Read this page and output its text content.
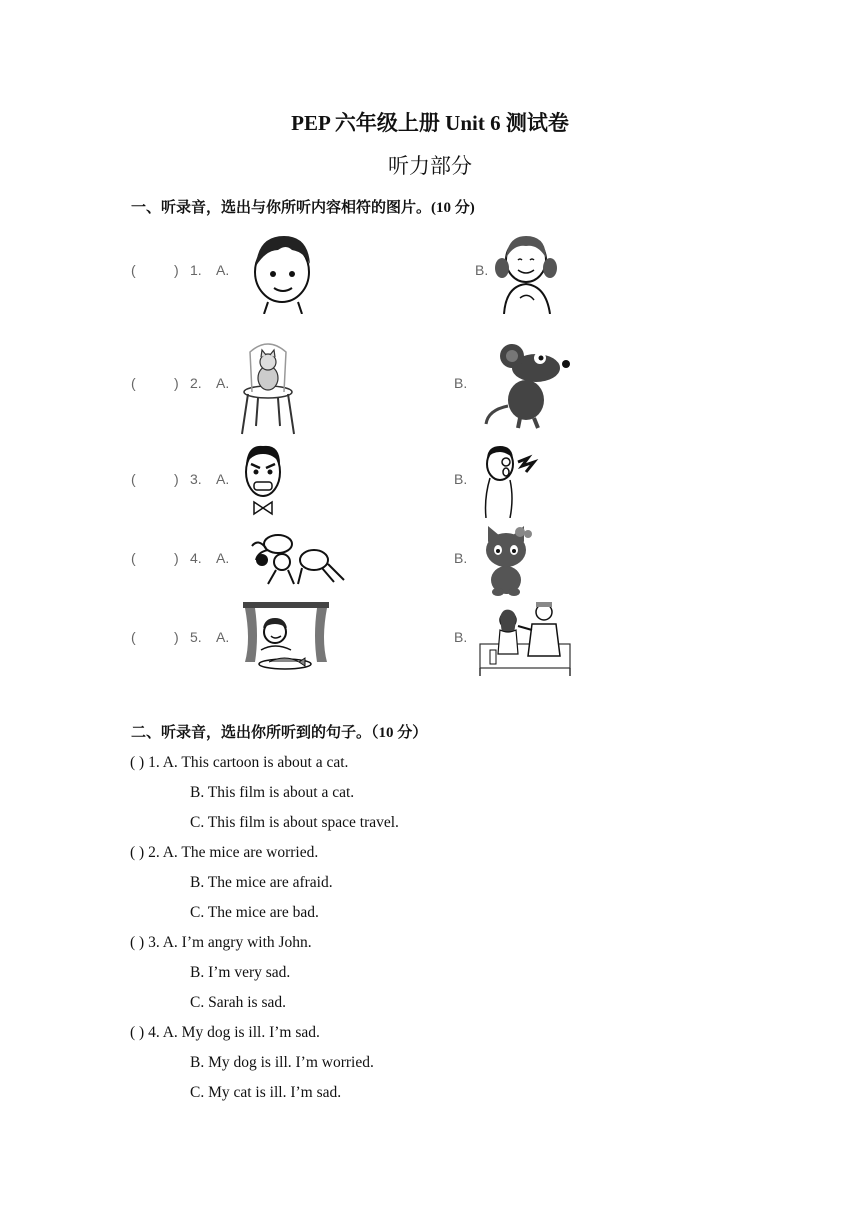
PEP 六年级上册 Unit 6 测试卷
听力部分
一、听录音，选出与你所听内容相符的图片。(10 分)
(	) 1. A.	B.
(	) 2. A.	B.
(	) 3. A.	B.
(	) 4. A.	B.
(	) 5. A.	B.
二、听录音，选出你所听到的句子。（10 分）
( ) 1. A. This cartoon is about a cat.
B. This film is about a cat.
C. This film is about space travel.
( ) 2. A. The mice are worried.
B. The mice are afraid.
C. The mice are bad.
( ) 3. A. I’m angry with John.
B. I’m very sad.
C. Sarah is sad.
( ) 4. A. My dog is ill. I’m sad.
B. My dog is ill. I’m worried.
C. My cat is ill. I’m sad.
